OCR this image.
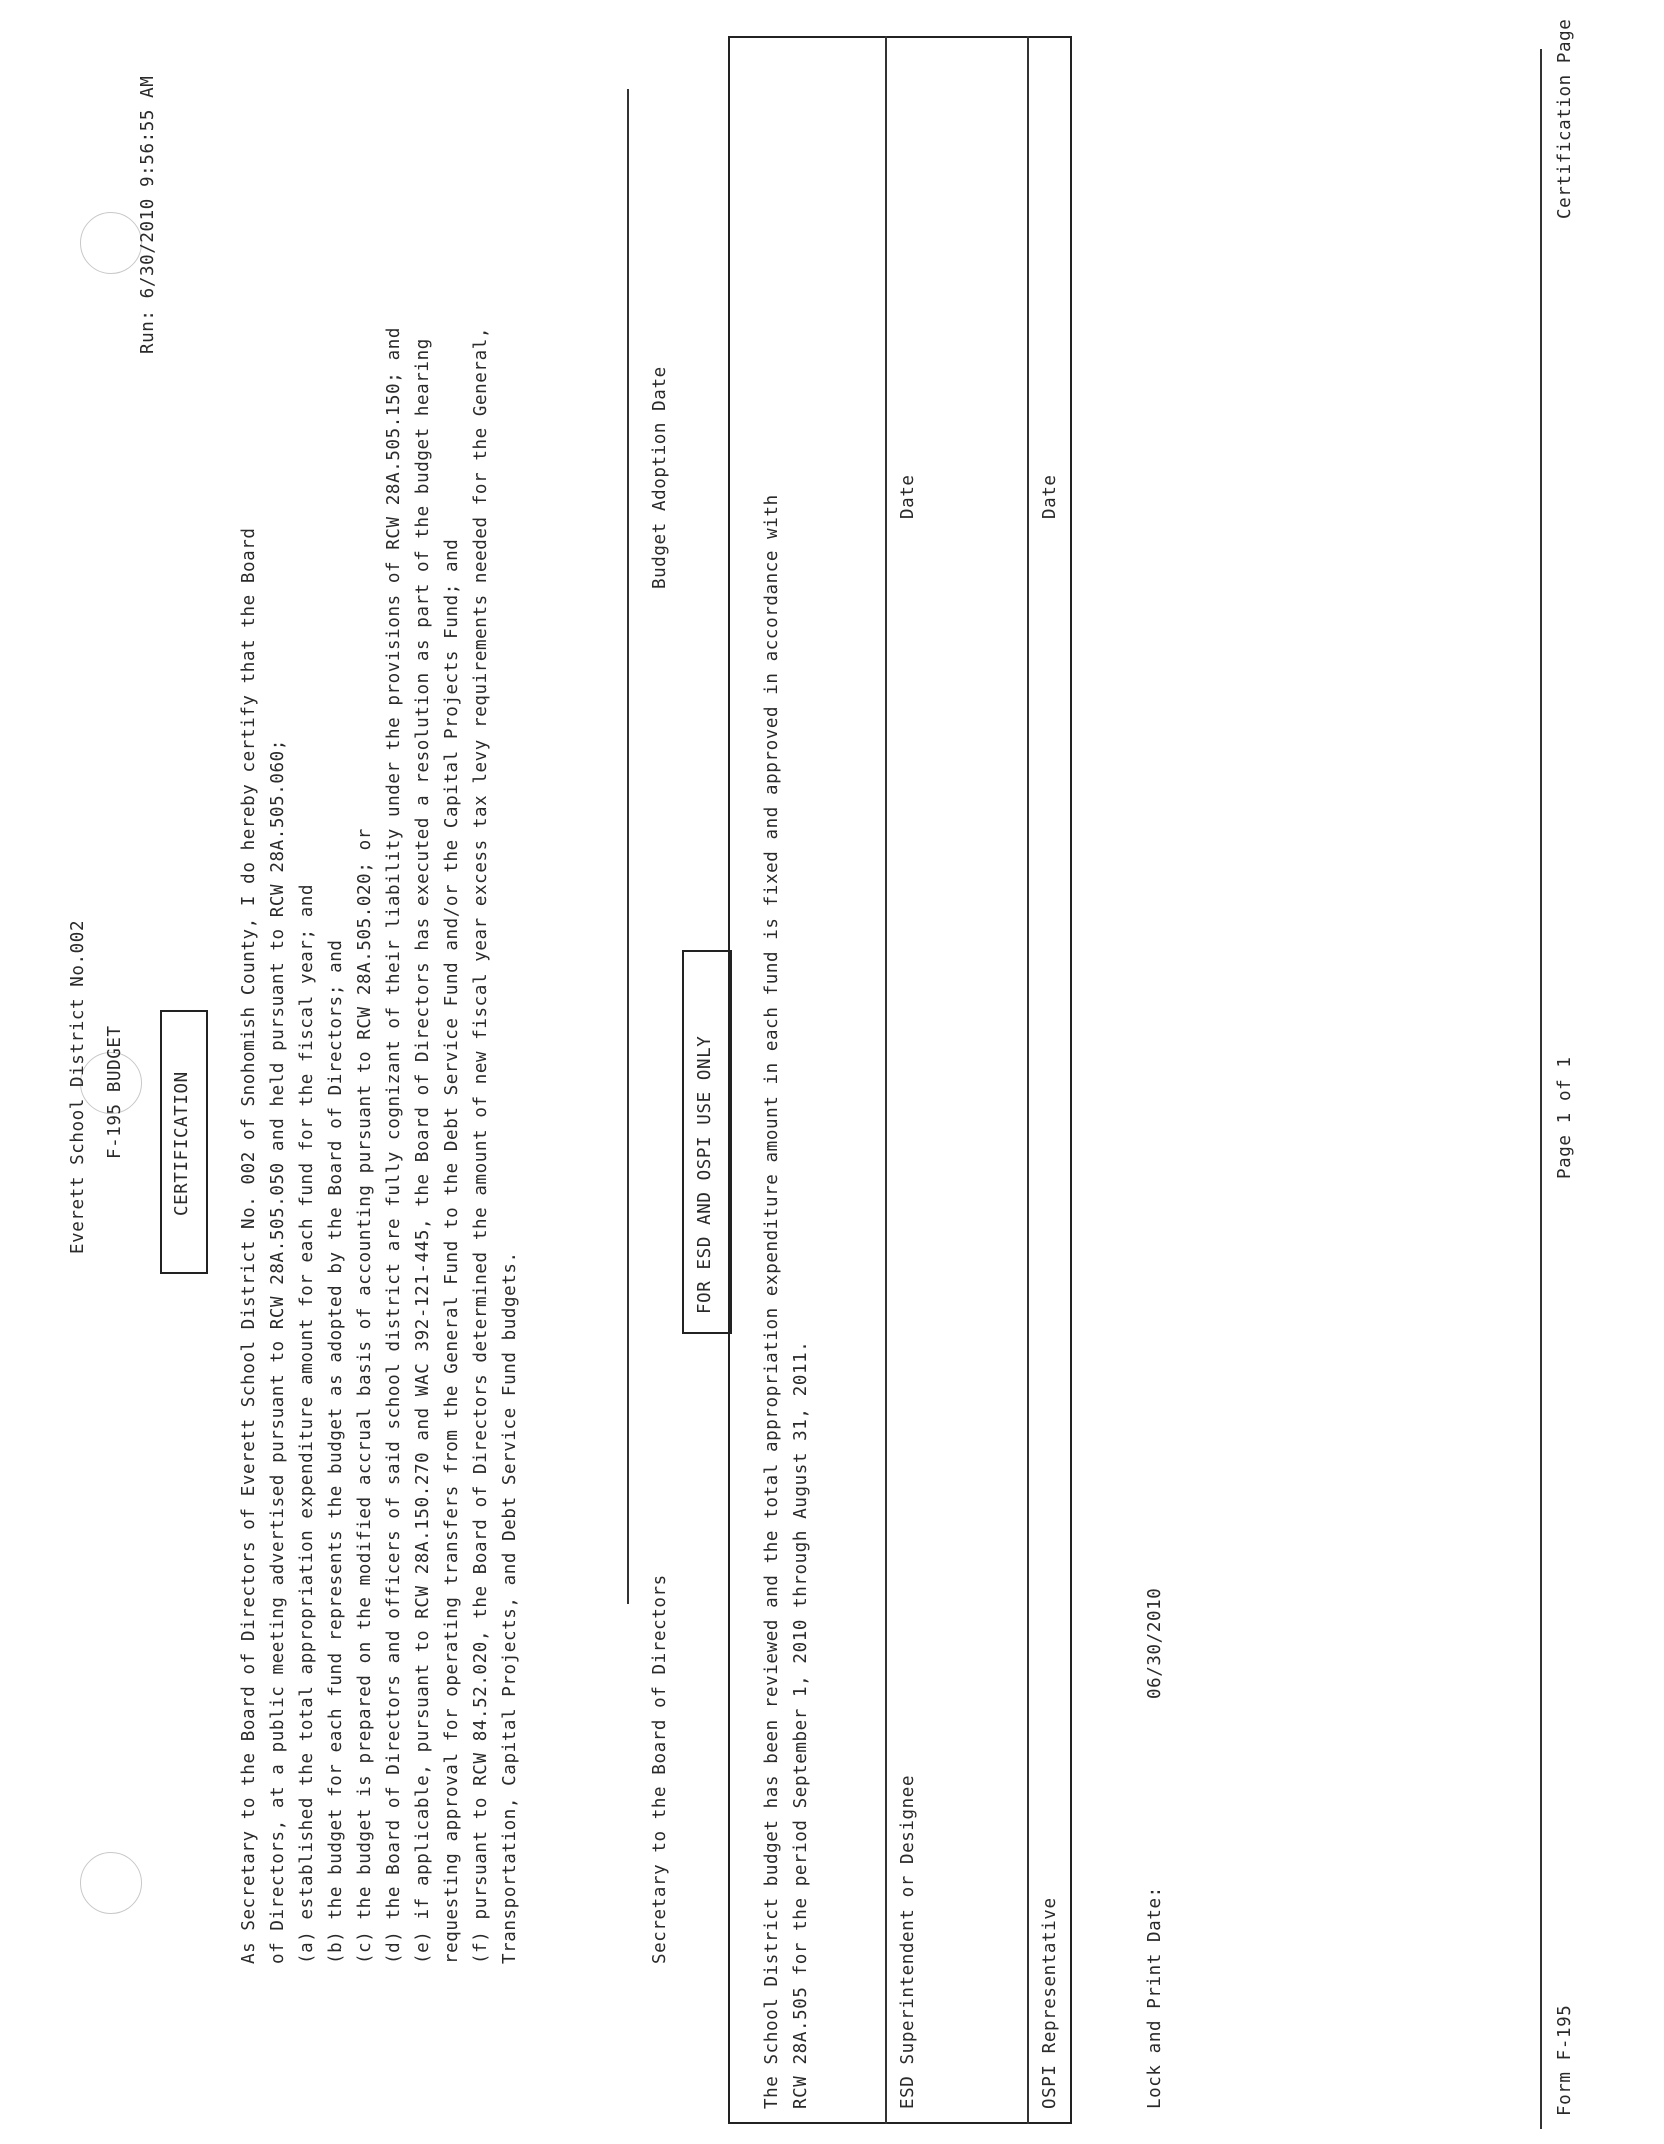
Everett School District No.002 F-195 BUDGET
Run: 6/30/2010 9:56:55 AM
CERTIFICATION	As Secretary to the Board of Directors of Everett School District No. 002 of Snohomish County, I do hereby certify that the Board of Directors, at a public meeting advertised pursuant to RCW 28A.505.050 and held pursuant to RCW 28A.505.060; (a) established the total appropriation expenditure amount for each fund for the fiscal year; and (b) the budget for each fund represents the budget as adopted by the Board of Directors; and (c) the budget is prepared on the modified accrual basis of accounting pursuant to RCW 28A.505.020; or (d) the Board of Directors and officers of said school district are fully cognizant of their liability under the provisions of RCW 28A.505.150; and (e) if applicable, pursuant to RCW 28A.150.270 and WAC 392-121-445, the Board of Directors has executed a resolution as part of the budget hearing requesting approval for operating transfers from the General Fund to the Debt Service Fund and/or the Capital Projects Fund; and (f) pursuant to RCW 84.52.020, the Board of Directors determined the amount of new fiscal year excess tax levy requirements needed for the General, Transportation, Capital Projects, and Debt Service Fund budgets.	Secretary to the Board of Directors
Budget Adoption Date
FOR ESD AND OSPI USE ONLY	The School District budget has been reviewed and the total appropriation expenditure amount in each fund is fixed and approved in accordance with RCW 28A.505 for the period September 1, 2010 through August 31, 2011.	ESD Superintendent or Designee
Date
OSPI Representative
Date
Lock and Print Date:
06/30/2010
Form F-195
Page 1 of 1
Certification Page
